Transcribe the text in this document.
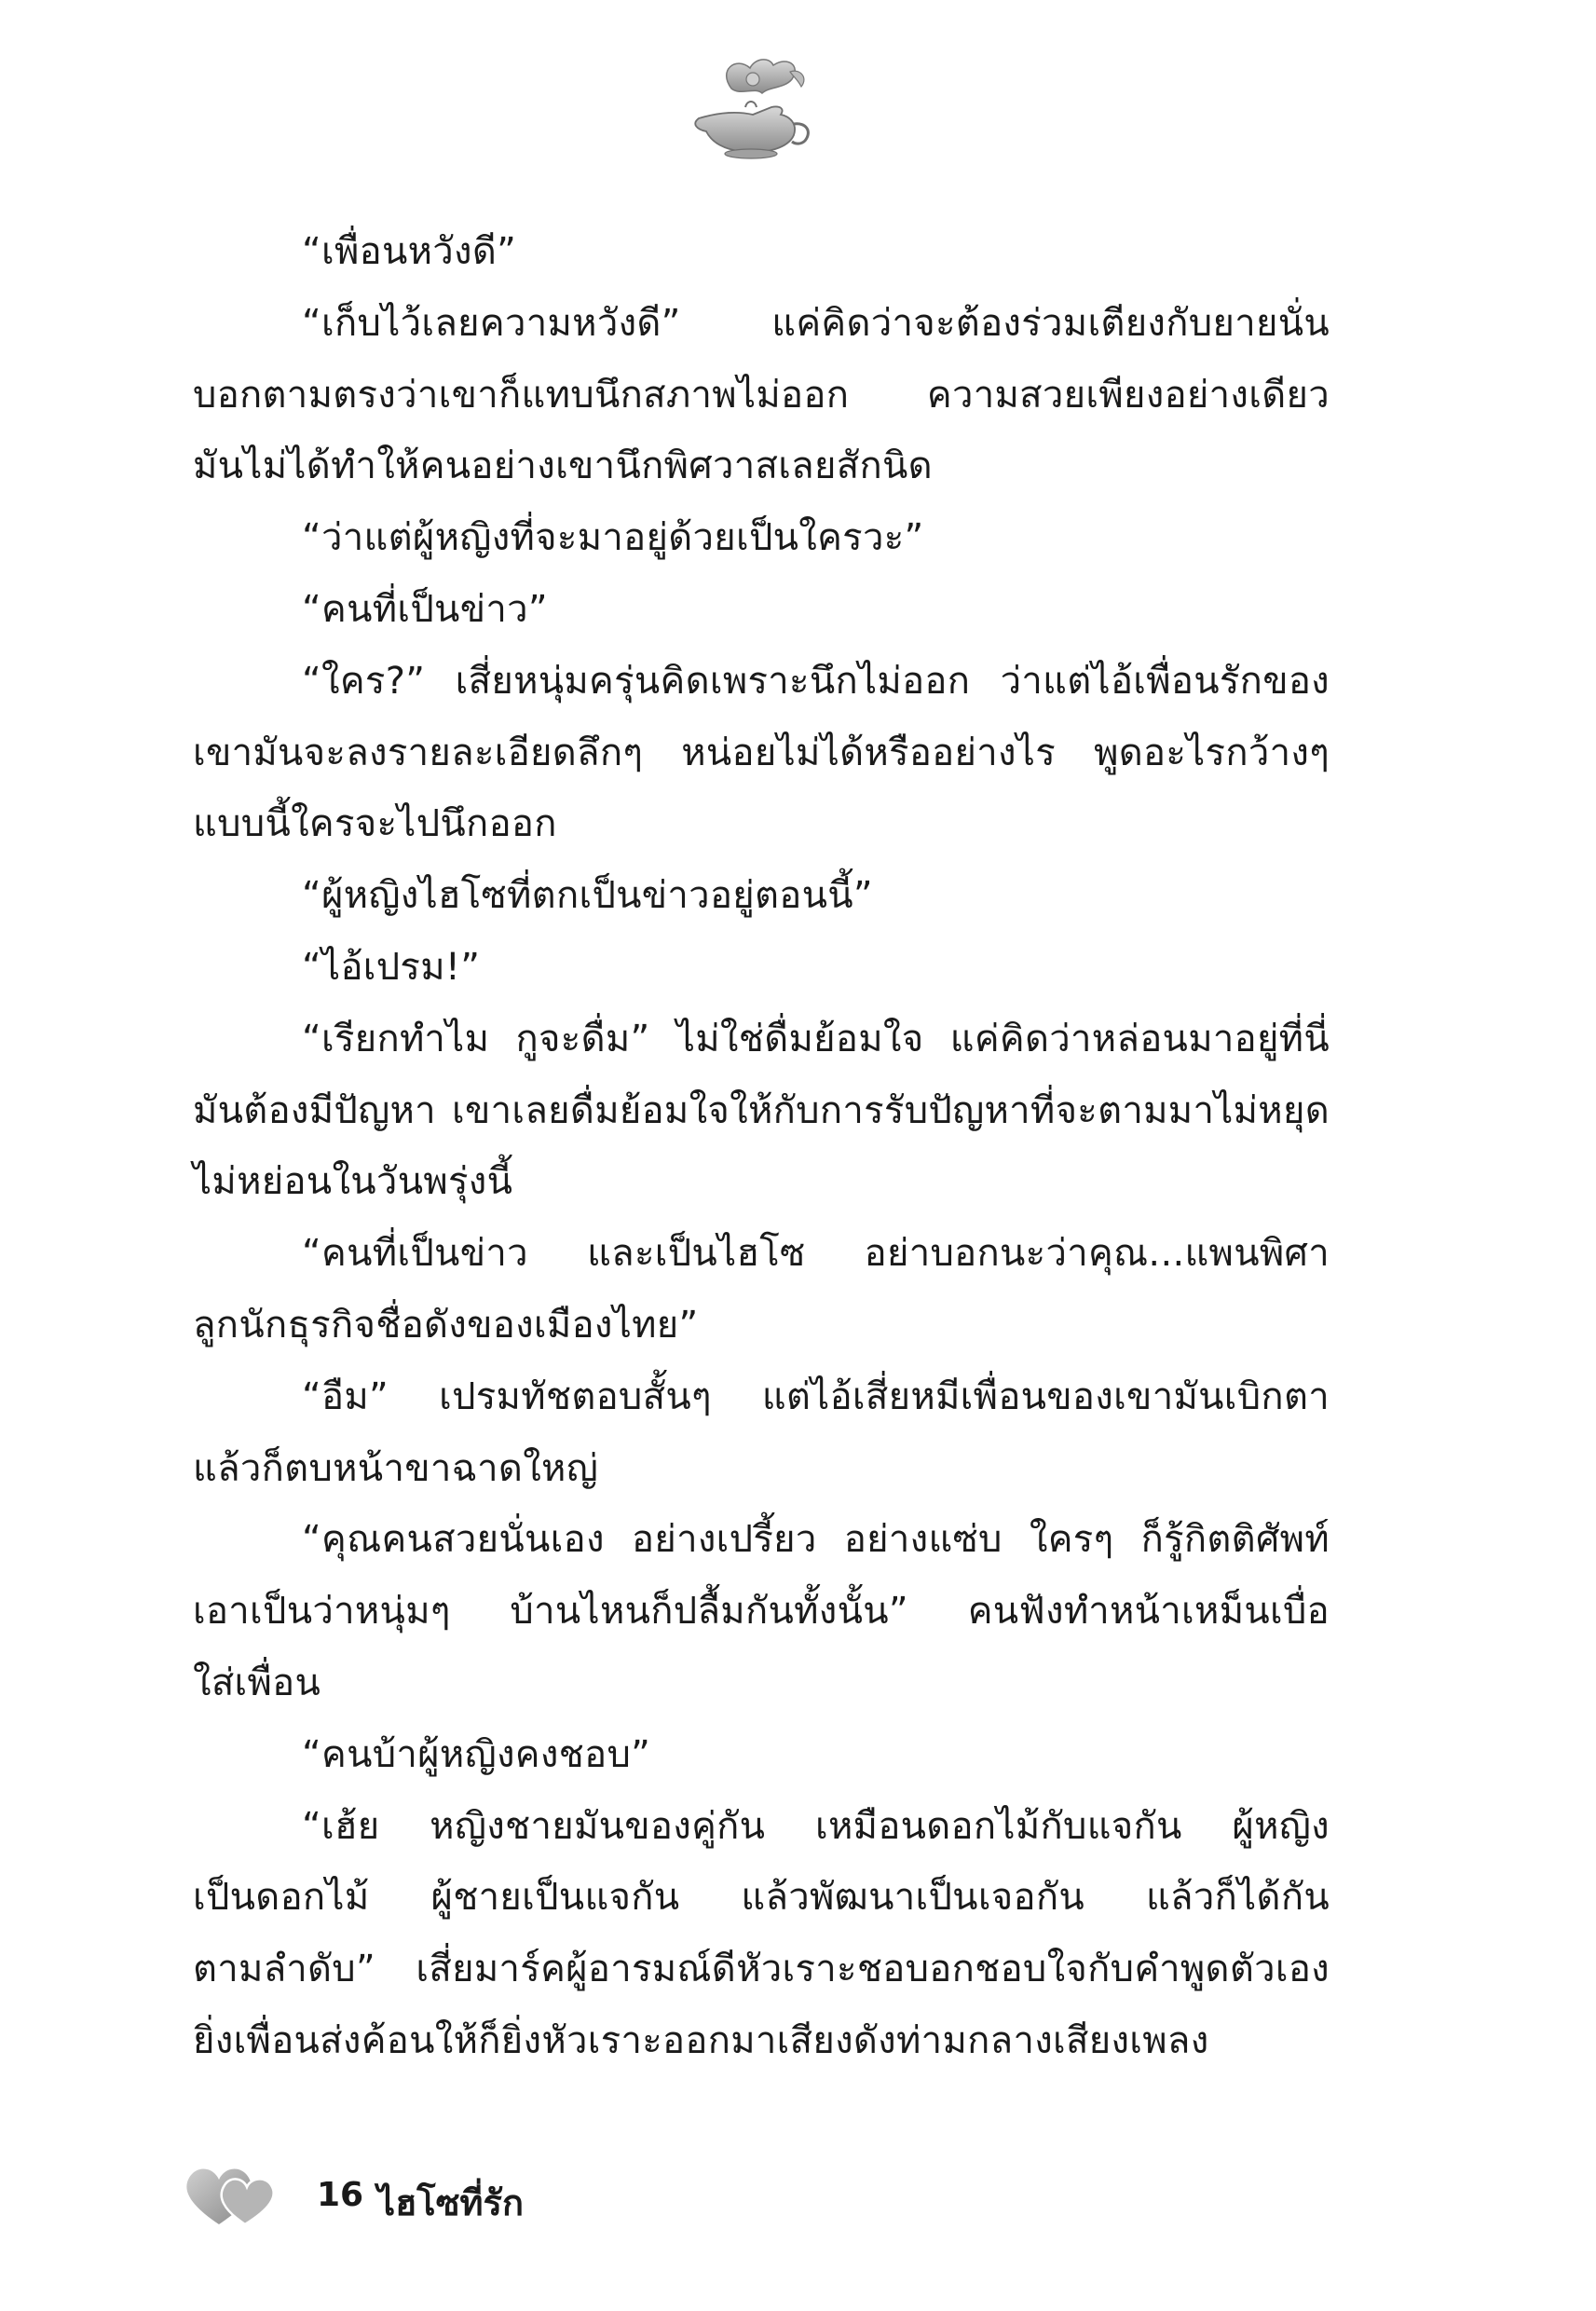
“เพื่อนหวังดี”
“เก็บไว้เลยความหวังดี” แค่คิดว่าจะต้องร่วมเตียงกับยายนั่น
บอกตามตรงว่าเขาก็แทบนึกสภาพไม่ออก ความสวยเพียงอย่างเดียว
มันไม่ได้ทำให้คนอย่างเขานึกพิศวาสเลยสักนิด
“ว่าแต่ผู้หญิงที่จะมาอยู่ด้วยเป็นใครวะ”
“คนที่เป็นข่าว”
“ใคร?” เสี่ยหนุ่มครุ่นคิดเพราะนึกไม่ออก ว่าแต่ไอ้เพื่อนรักของ
เขามันจะลงรายละเอียดลึกๆ หน่อยไม่ได้หรืออย่างไร พูดอะไรกว้างๆ
แบบนี้ใครจะไปนึกออก
“ผู้หญิงไฮโซที่ตกเป็นข่าวอยู่ตอนนี้”
“ไอ้เปรม!”
“เรียกทำไม กูจะดื่ม” ไม่ใช่ดื่มย้อมใจ แค่คิดว่าหล่อนมาอยู่ที่นี่
มันต้องมีปัญหา เขาเลยดื่มย้อมใจให้กับการรับปัญหาที่จะตามมาไม่หยุด
ไม่หย่อนในวันพรุ่งนี้
“คนที่เป็นข่าว และเป็นไฮโซ อย่าบอกนะว่าคุณ...แพนพิศา
ลูกนักธุรกิจชื่อดังของเมืองไทย”
“อืม” เปรมทัชตอบสั้นๆ แต่ไอ้เสี่ยหมีเพื่อนของเขามันเบิกตา
แล้วก็ตบหน้าขาฉาดใหญ่
“คุณคนสวยนั่นเอง อย่างเปรี้ยว อย่างแซ่บ ใครๆ ก็รู้กิตติศัพท์
เอาเป็นว่าหนุ่มๆ บ้านไหนก็ปลื้มกันทั้งนั้น” คนฟังทำหน้าเหม็นเบื่อ
ใส่เพื่อน
“คนบ้าผู้หญิงคงชอบ”
“เฮ้ย หญิงชายมันของคู่กัน เหมือนดอกไม้กับแจกัน ผู้หญิง
เป็นดอกไม้ ผู้ชายเป็นแจกัน แล้วพัฒนาเป็นเจอกัน แล้วก็ได้กัน
ตามลำดับ” เสี่ยมาร์คผู้อารมณ์ดีหัวเราะชอบอกชอบใจกับคำพูดตัวเอง
ยิ่งเพื่อนส่งค้อนให้ก็ยิ่งหัวเราะออกมาเสียงดังท่ามกลางเสียงเพลง
16 ไฮโซที่รัก
